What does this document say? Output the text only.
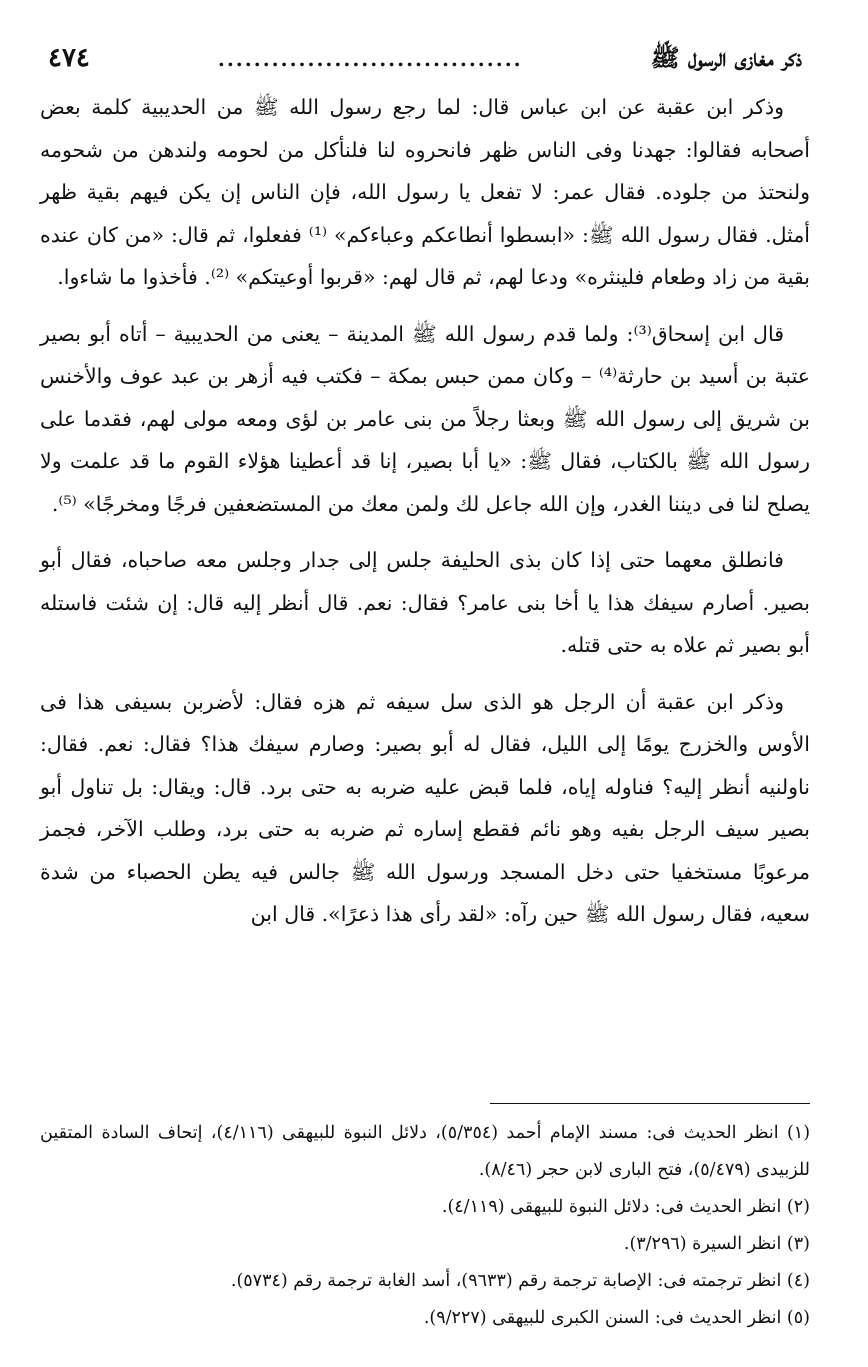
ذكر مغازى الرسول ﷺ
..................................
٤٧٤

وذكر ابن عقبة عن ابن عباس قال: لما رجع رسول الله ﷺ من الحديبية كلمة بعض أصحابه فقالوا: جهدنا وفى الناس ظهر فانحروه لنا فلنأكل من لحومه ولندهن من شحومه ولنحتذ من جلوده. فقال عمر: لا تفعل يا رسول الله، فإن الناس إن يكن فيهم بقية ظهر أمثل. فقال رسول الله ﷺ: «ابسطوا أنطاعكم وعباءكم» ⁽¹⁾ ففعلوا، ثم قال: «من كان عنده بقية من زاد وطعام فلينثره» ودعا لهم، ثم قال لهم: «قربوا أوعيتكم» ⁽²⁾. فأخذوا ما شاءوا.

قال ابن إسحاق⁽³⁾: ولما قدم رسول الله ﷺ المدينة – يعنى من الحديبية – أتاه أبو بصير عتبة بن أسيد بن حارثة⁽⁴⁾ – وكان ممن حبس بمكة – فكتب فيه أزهر بن عبد عوف والأخنس بن شريق إلى رسول الله ﷺ وبعثا رجلاً من بنى عامر بن لؤى ومعه مولى لهم، فقدما على رسول الله ﷺ بالكتاب، فقال ﷺ: «يا أبا بصير، إنا قد أعطينا هؤلاء القوم ما قد علمت ولا يصلح لنا فى ديننا الغدر، وإن الله جاعل لك ولمن معك من المستضعفين فرجًا ومخرجًا» ⁽⁵⁾.

فانطلق معهما حتى إذا كان بذى الحليفة جلس إلى جدار وجلس معه صاحباه، فقال أبو بصير. أصارم سيفك هذا يا أخا بنى عامر؟ فقال: نعم. قال أنظر إليه قال: إن شئت فاستله أبو بصير ثم علاه به حتى قتله.

وذكر ابن عقبة أن الرجل هو الذى سل سيفه ثم هزه فقال: لأضربن بسيفى هذا فى الأوس والخزرج يومًا إلى الليل، فقال له أبو بصير: وصارم سيفك هذا؟ فقال: نعم. فقال: ناولنيه أنظر إليه؟ فناوله إياه، فلما قبض عليه ضربه به حتى برد. قال: ويقال: بل تناول أبو بصير سيف الرجل بفيه وهو نائم فقطع إساره ثم ضربه به حتى برد، وطلب الآخر، فجمز مرعوبًا مستخفيا حتى دخل المسجد ورسول الله ﷺ جالس فيه يطن الحصباء من شدة سعيه، فقال رسول الله ﷺ حين رآه: «لقد رأى هذا ذعرًا». قال ابن

(١) انظر الحديث فى: مسند الإمام أحمد (٥/٣٥٤)، دلائل النبوة للبيهقى (٤/١١٦)، إتحاف السادة المتقين للزبيدى (٥/٤٧٩)، فتح البارى لابن حجر (٨/٤٦).

(٢) انظر الحديث فى: دلائل النبوة للبيهقى (٤/١١٩).

(٣) انظر السيرة (٣/٢٩٦).

(٤) انظر ترجمته فى: الإصابة ترجمة رقم (٩٦٣٣)، أسد الغابة ترجمة رقم (٥٧٣٤).

(٥) انظر الحديث فى: السنن الكبرى للبيهقى (٩/٢٢٧).
